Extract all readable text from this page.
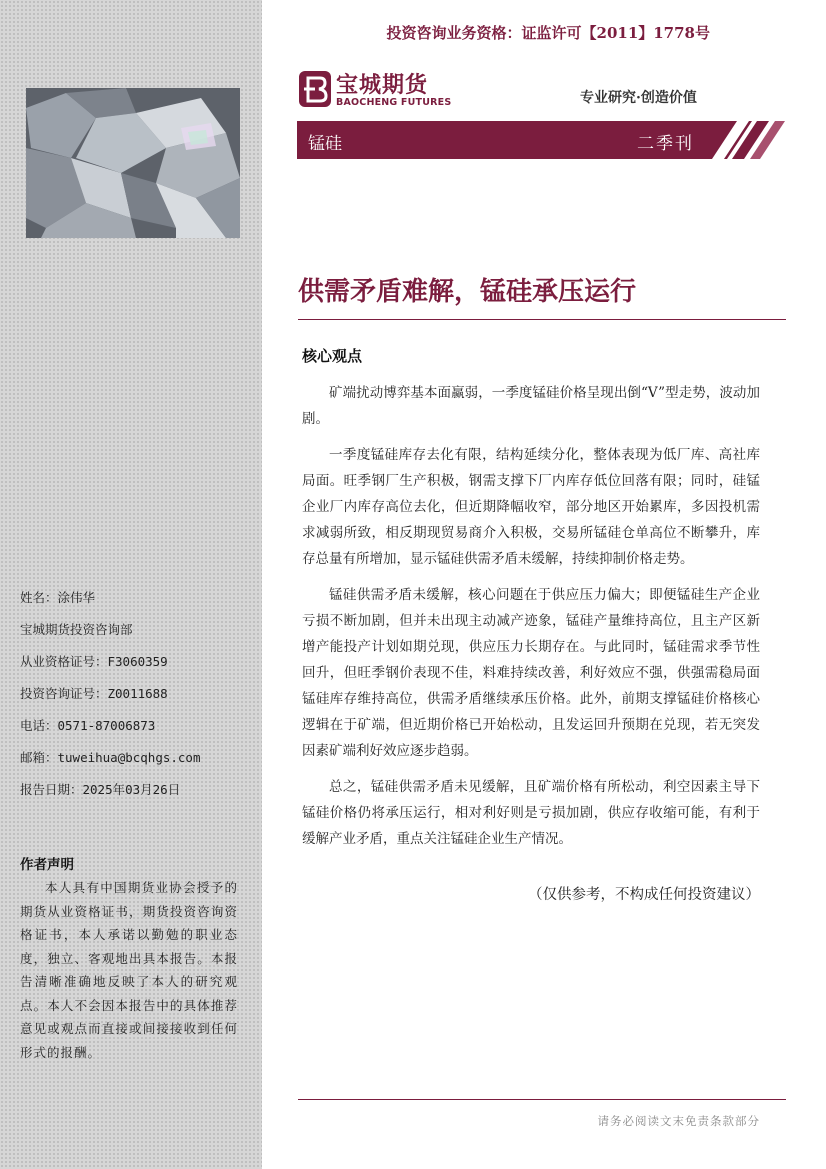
姓名：涂伟华
宝城期货投资咨询部
从业资格证号：F3060359
投资咨询证号：Z0011688
电话：0571-87006873
邮箱：tuweihua@bcqhgs.com
报告日期：2025年03月26日
作者声明
本人具有中国期货业协会授予的期货从业资格证书，期货投资咨询资格证书，本人承诺以勤勉的职业态度，独立、客观地出具本报告。本报告清晰准确地反映了本人的研究观点。本人不会因本报告中的具体推荐意见或观点而直接或间接接收到任何形式的报酬。
投资咨询业务资格：证监许可【2011】1778号
宝城期货
BAOCHENG FUTURES	专业研究·创造价值
锰硅	二季刊
供需矛盾难解，锰硅承压运行
核心观点

矿端扰动博弈基本面赢弱，一季度锰硅价格呈现出倒“V”型走势，波动加剧。

一季度锰硅库存去化有限，结构延续分化，整体表现为低厂库、高社库局面。旺季钢厂生产积极，钢需支撑下厂内库存低位回落有限；同时，硅锰企业厂内库存高位去化，但近期降幅收窄，部分地区开始累库，多因投机需求减弱所致，相反期现贸易商介入积极，交易所锰硅仓单高位不断攀升，库存总量有所增加，显示锰硅供需矛盾未缓解，持续抑制价格走势。

锰硅供需矛盾未缓解，核心问题在于供应压力偏大；即便锰硅生产企业亏损不断加剧，但并未出现主动减产迹象，锰硅产量维持高位，且主产区新增产能投产计划如期兑现，供应压力长期存在。与此同时，锰硅需求季节性回升，但旺季钢价表现不佳，料难持续改善，利好效应不强，供强需稳局面锰硅库存维持高位，供需矛盾继续承压价格。此外，前期支撑锰硅价格核心逻辑在于矿端，但近期价格已开始松动，且发运回升预期在兑现，若无突发因素矿端利好效应逐步趋弱。

总之，锰硅供需矛盾未见缓解，且矿端价格有所松动，利空因素主导下锰硅价格仍将承压运行，相对利好则是亏损加剧，供应存收缩可能，有利于缓解产业矛盾，重点关注锰硅企业生产情况。

（仅供参考，不构成任何投资建议）
请务必阅读文末免责条款部分
